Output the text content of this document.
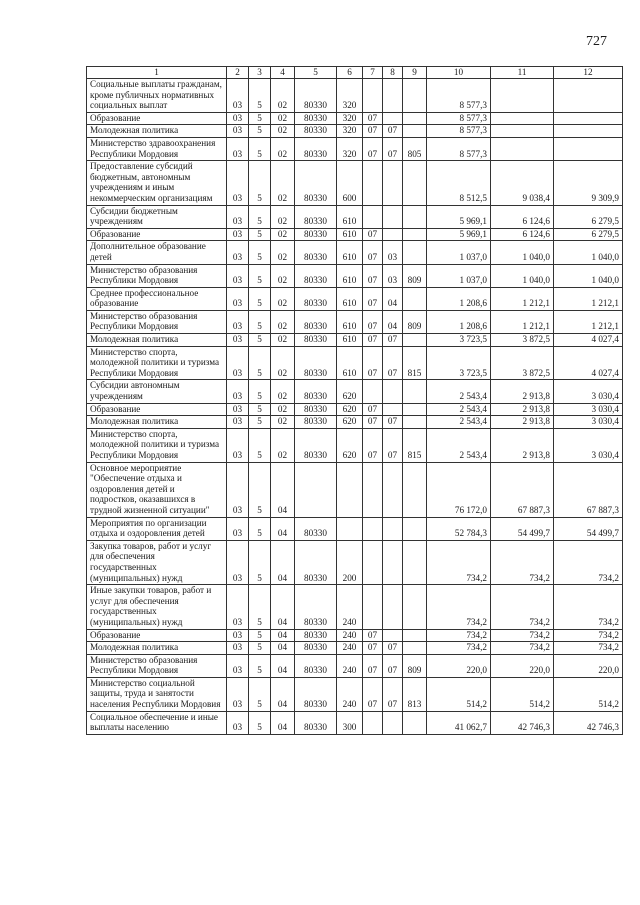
727
1	2	3	4	5	6	7	8	9	10	11	12
Социальные выплаты гражданам, кроме публичных нормативных социальных выплат	03	5	02	80330	320				8 577,3		
Образование	03	5	02	80330	320	07			8 577,3		
Молодежная политика	03	5	02	80330	320	07	07		8 577,3		
Министерство здравоохранения Республики Мордовия	03	5	02	80330	320	07	07	805	8 577,3		
Предоставление субсидий бюджетным, автономным учреждениям и иным некоммерческим организациям	03	5	02	80330	600				8 512,5	9 038,4	9 309,9
Субсидии бюджетным учреждениям	03	5	02	80330	610				5 969,1	6 124,6	6 279,5
Образование	03	5	02	80330	610	07			5 969,1	6 124,6	6 279,5
Дополнительное образование детей	03	5	02	80330	610	07	03		1 037,0	1 040,0	1 040,0
Министерство образования Республики Мордовия	03	5	02	80330	610	07	03	809	1 037,0	1 040,0	1 040,0
Среднее профессиональное образование	03	5	02	80330	610	07	04		1 208,6	1 212,1	1 212,1
Министерство образования Республики Мордовия	03	5	02	80330	610	07	04	809	1 208,6	1 212,1	1 212,1
Молодежная политика	03	5	02	80330	610	07	07		3 723,5	3 872,5	4 027,4
Министерство спорта, молодежной политики и туризма Республики Мордовия	03	5	02	80330	610	07	07	815	3 723,5	3 872,5	4 027,4
Субсидии автономным учреждениям	03	5	02	80330	620				2 543,4	2 913,8	3 030,4
Образование	03	5	02	80330	620	07			2 543,4	2 913,8	3 030,4
Молодежная политика	03	5	02	80330	620	07	07		2 543,4	2 913,8	3 030,4
Министерство спорта, молодежной политики и туризма Республики Мордовия	03	5	02	80330	620	07	07	815	2 543,4	2 913,8	3 030,4
Основное мероприятие "Обеспечение отдыха и оздоровления детей и подростков, оказавшихся в трудной жизненной ситуации"	03	5	04						76 172,0	67 887,3	67 887,3
Мероприятия по организации отдыха и оздоровления детей	03	5	04	80330					52 784,3	54 499,7	54 499,7
Закупка товаров, работ и услуг для обеспечения государственных (муниципальных) нужд	03	5	04	80330	200				734,2	734,2	734,2
Иные закупки товаров, работ и услуг для обеспечения государственных (муниципальных) нужд	03	5	04	80330	240				734,2	734,2	734,2
Образование	03	5	04	80330	240	07			734,2	734,2	734,2
Молодежная политика	03	5	04	80330	240	07	07		734,2	734,2	734,2
Министерство образования Республики Мордовия	03	5	04	80330	240	07	07	809	220,0	220,0	220,0
Министерство социальной защиты, труда и занятости населения Республики Мордовия	03	5	04	80330	240	07	07	813	514,2	514,2	514,2
Социальное обеспечение и иные выплаты населению	03	5	04	80330	300				41 062,7	42 746,3	42 746,3
